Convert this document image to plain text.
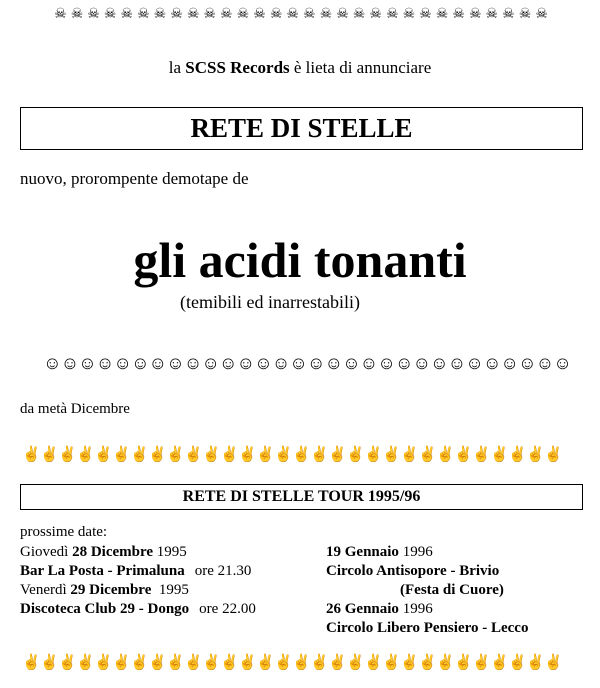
☠ ☠ ☠ ☠ ☠ ☠ ☠ ☠ ☠ ☠ ☠ ☠ ☠ ☠ ☠ ☠ ☠ ☠ ☠ ☠ ☠ ☠ ☠ ☠ ☠ ☠ ☠ ☠ ☠ ☠
la SCSS Records è lieta di annunciare
RETE DI STELLE
nuovo, prorompente demotape de
gli acidi tonanti
(temibili ed inarrestabili)
☺ ☺ ☺ ☺ ☺ ☺ ☺ ☺ ☺ ☺ ☺ ☺ ☺ ☺ ☺ ☺ ☺ ☺ ☺ ☺ ☺ ☺ ☺ ☺ ☺ ☺ ☺ ☺ ☺ ☺
da metà Dicembre
✌ ✌ ✌ ✌ ✌ ✌ ✌ ✌ ✌ ✌ ✌ ✌ ✌ ✌ ✌ ✌ ✌ ✌ ✌ ✌ ✌ ✌ ✌ ✌ ✌ ✌ ✌ ✌ ✌ ✌
RETE DI STELLE TOUR 1995/96
prossime date:

Giovedì 28 Dicembre 1995

Bar La Posta - Primaluna ore 21.30

Venerdì 29 Dicembre  1995

Discoteca Club 29 - Dongo ore 22.00

19 Gennaio 1996

Circolo Antisopore - Brivio

(Festa di Cuore)

26 Gennaio 1996

Circolo Libero Pensiero - Lecco

✌ ✌ ✌ ✌ ✌ ✌ ✌ ✌ ✌ ✌ ✌ ✌ ✌ ✌ ✌ ✌ ✌ ✌ ✌ ✌ ✌ ✌ ✌ ✌ ✌ ✌ ✌ ✌ ✌ ✌
